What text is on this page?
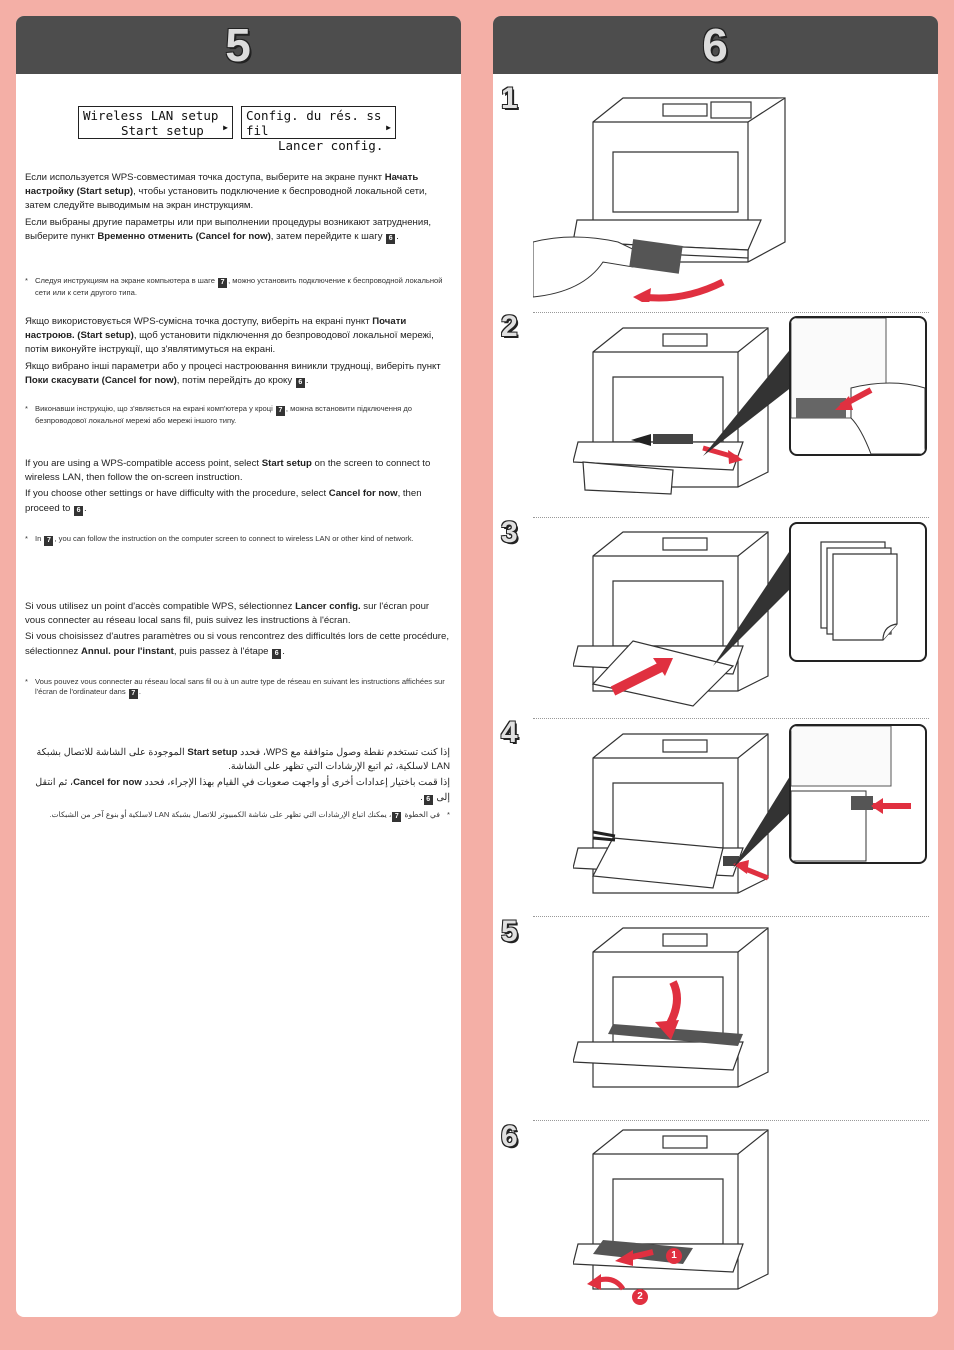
5
Wireless LAN setup
Start setup	▶
Config. du rés. ss fil
Lancer config.
▶

Если используется WPS-совместимая точка доступа, выберите на экране пункт Начать настройку (Start setup), чтобы установить подключение к беспроводной локальной сети, затем следуйте выводимым на экран инструкциям.

Если выбраны другие параметры или при выполнении процедуры возникают затруднения, выберите пункт Временно отменить (Cancel for now), затем перейдите к шагу 6 .

* Следуя инструкциям на экране компьютера в шаге 7 , можно установить подключение к беспроводной локальной сети или к сети другого типа.

Якщо використовується WPS-сумісна точка доступу, виберіть на екрані пункт Почати настроюв. (Start setup), щоб установити підключення до безпроводової локальної мережі, потім виконуйте інструкції, що з'являтимуться на екрані.

Якщо вибрано інші параметри або у процесі настроювання виникли труднощі, виберіть пункт Поки скасувати (Cancel for now), потім перейдіть до кроку 6 .

* Виконавши інструкцію, що з'являється на екрані комп'ютера у кроці 7 , можна встановити підключення до безпроводової локальної мережі або мережі іншого типу.

If you are using a WPS-compatible access point, select Start setup on the screen to connect to wireless LAN, then follow the on-screen instruction.

If you choose other settings or have difficulty with the procedure, select Cancel for now, then proceed to 6 .

* In 7 , you can follow the instruction on the computer screen to connect to wireless LAN or other kind of network.

Si vous utilisez un point d'accès compatible WPS, sélectionnez Lancer config. sur l'écran pour vous connecter au réseau local sans fil, puis suivez les instructions à l'écran.

Si vous choisissez d'autres paramètres ou si vous rencontrez des difficultés lors de cette procédure, sélectionnez Annul. pour l'instant, puis passez à l'étape 6 .

* Vous pouvez vous connecter au réseau local sans fil ou à un autre type de réseau en suivant les instructions affichées sur l'écran de l'ordinateur dans 7 .

إذا كنت تستخدم نقطة وصول متوافقة مع WPS، فحدد Start setup الموجودة على الشاشة للاتصال بشبكة LAN لاسلكية، ثم اتبع الإرشادات التي تظهر على الشاشة.

إذا قمت باختيار إعدادات أخرى أو واجهت صعوبات في القيام بهذا الإجراء، فحدد Cancel for now، ثم انتقل إلى 6.

*
في الخطوة 7، يمكنك اتباع الإرشادات التي تظهر على شاشة الكمبيوتر للاتصال بشبكة LAN لاسلكية أو بنوع آخر من الشبكات.
6
1
2
3
4
5
6
1
2
